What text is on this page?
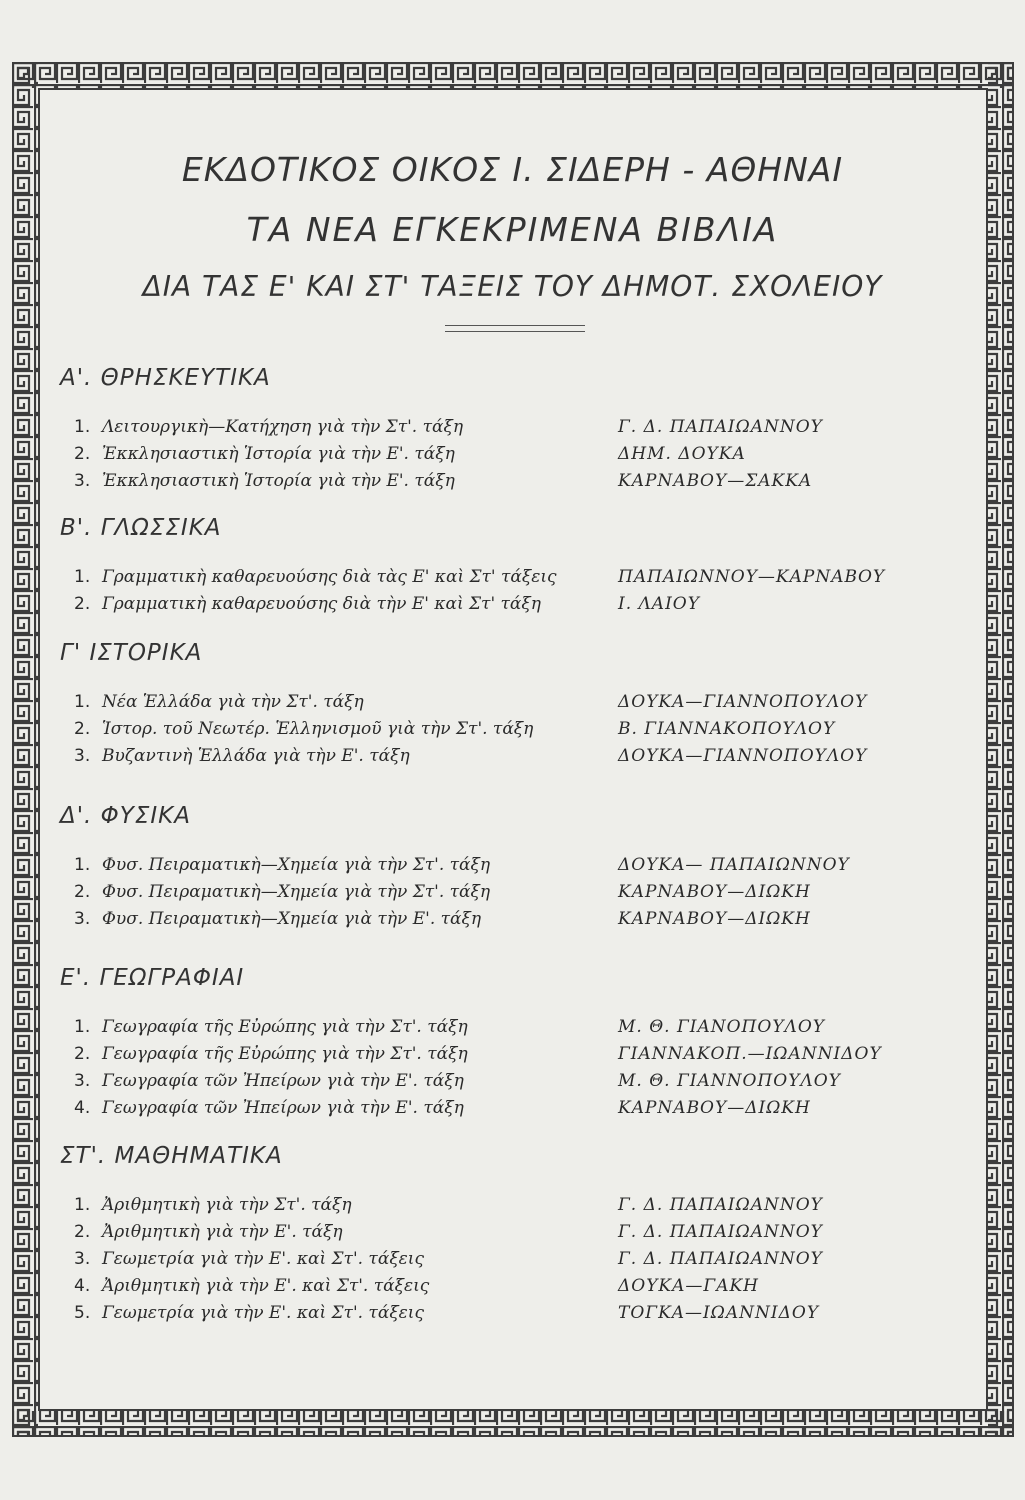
ΕΚΔΟΤΙΚΟΣ ΟΙΚΟΣ Ι. ΣΙΔΕΡΗ - ΑΘΗΝΑΙ
ΤΑ ΝΕΑ ΕΓΚΕΚΡΙΜΕΝΑ ΒΙΒΛΙΑ
ΔΙΑ ΤΑΣ Ε' ΚΑΙ ΣΤ' ΤΑΞΕΙΣ ΤΟΥ ΔΗΜΟΤ. ΣΧΟΛΕΙΟΥ
Α'. ΘΡΗΣΚΕΥΤΙΚΑ
1. Λειτουργικὴ—Κατήχηση γιὰ τὴν Στ'. τάξη	Γ. Δ. ΠΑΠΑΙΩΑΝΝΟΥ
2. Ἐκκλησιαστικὴ Ἱστορία γιὰ τὴν Ε'. τάξη	ΔΗΜ. ΔΟΥΚΑ
3. Ἐκκλησιαστικὴ Ἱστορία γιὰ τὴν Ε'. τάξη	ΚΑΡΝΑΒΟΥ—ΣΑΚΚΑ
Β'. ΓΛΩΣΣΙΚΑ
1. Γραμματικὴ καθαρευούσης διὰ τὰς Ε' καὶ Στ' τάξεις	ΠΑΠΑΙΩΝΝΟΥ—ΚΑΡΝΑΒΟΥ
2. Γραμματικὴ καθαρευούσης διὰ τὴν Ε' καὶ Στ' τάξη	Ι. ΛΑΙΟΥ
Γ' ΙΣΤΟΡΙΚΑ
1. Νέα Ἑλλάδα γιὰ τὴν Στ'. τάξη	ΔΟΥΚΑ—ΓΙΑΝΝΟΠΟΥΛΟΥ
2. Ἱστορ. τοῦ Νεωτέρ. Ἑλληνισμοῦ γιὰ τὴν Στ'. τάξη	Β. ΓΙΑΝΝΑΚΟΠΟΥΛΟΥ
3. Βυζαντινὴ Ἑλλάδα γιὰ τὴν Ε'. τάξη	ΔΟΥΚΑ—ΓΙΑΝΝΟΠΟΥΛΟΥ
Δ'. ΦΥΣΙΚΑ
1. Φυσ. Πειραματικὴ—Χημεία γιὰ τὴν Στ'. τάξη	ΔΟΥΚΑ— ΠΑΠΑΙΩΝΝΟΥ
2. Φυσ. Πειραματικὴ—Χημεία γιὰ τὴν Στ'. τάξη	ΚΑΡΝΑΒΟΥ—ΔΙΩΚΗ
3. Φυσ. Πειραματικὴ—Χημεία γιὰ τὴν Ε'. τάξη	ΚΑΡΝΑΒΟΥ—ΔΙΩΚΗ
Ε'. ΓΕΩΓΡΑΦΙΑΙ
1. Γεωγραφία τῆς Εὐρώπης γιὰ τὴν Στ'. τάξη	Μ. Θ. ΓΙΑΝΟΠΟΥΛΟΥ
2. Γεωγραφία τῆς Εὐρώπης γιὰ τὴν Στ'. τάξη	ΓΙΑΝΝΑΚΟΠ.—ΙΩΑΝΝΙΔΟΥ
3. Γεωγραφία τῶν Ἠπείρων γιὰ τὴν Ε'. τάξη	Μ. Θ. ΓΙΑΝΝΟΠΟΥΛΟΥ
4. Γεωγραφία τῶν Ἠπείρων γιὰ τὴν Ε'. τάξη	ΚΑΡΝΑΒΟΥ—ΔΙΩΚΗ
ΣΤ'. ΜΑΘΗΜΑΤΙΚΑ
1. Ἀριθμητικὴ γιὰ τὴν Στ'. τάξη	Γ. Δ. ΠΑΠΑΙΩΑΝΝΟΥ
2. Ἀριθμητικὴ γιὰ τὴν Ε'. τάξη	Γ. Δ. ΠΑΠΑΙΩΑΝΝΟΥ
3. Γεωμετρία γιὰ τὴν Ε'. καὶ Στ'. τάξεις	Γ. Δ. ΠΑΠΑΙΩΑΝΝΟΥ
4. Ἀριθμητικὴ γιὰ τὴν Ε'. καὶ Στ'. τάξεις	ΔΟΥΚΑ—ΓΑΚΗ
5. Γεωμετρία γιὰ τὴν Ε'. καὶ Στ'. τάξεις	ΤΟΓΚΑ—ΙΩΑΝΝΙΔΟΥ
